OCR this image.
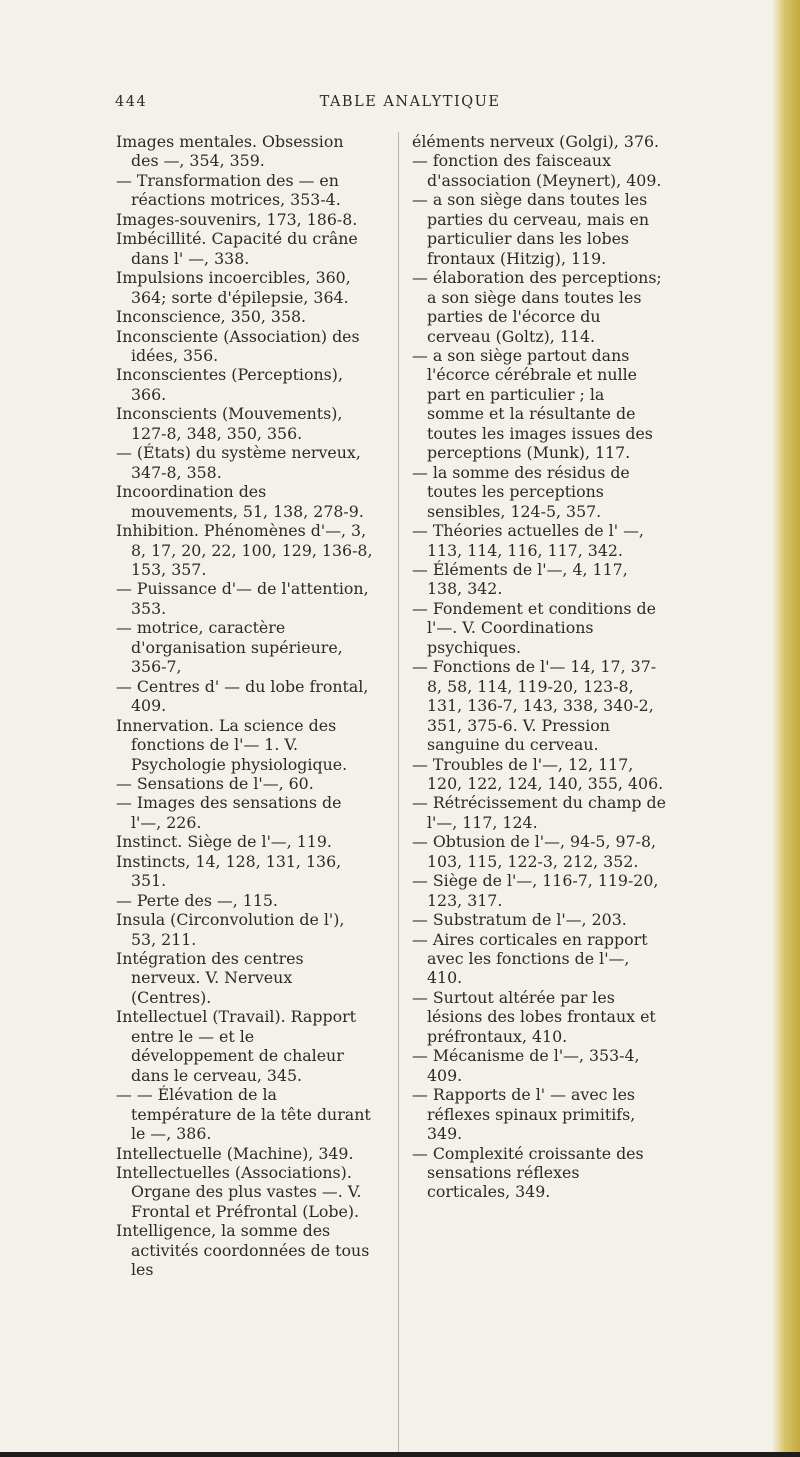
444	TABLE ANALYTIQUE

Images mentales. Obsession des —, 354, 359.

— Transformation des — en réactions motrices, 353-4.

Images-souvenirs, 173, 186-8.

Imbécillité. Capacité du crâne dans l' —, 338.

Impulsions incoercibles, 360, 364; sorte d'épilepsie, 364.

Inconscience, 350, 358.

Inconsciente (Association) des idées, 356.

Inconscientes (Perceptions), 366.

Inconscients (Mouvements), 127-8, 348, 350, 356.

— (États) du système nerveux, 347-8, 358.

Incoordination des mouvements, 51, 138, 278-9.

Inhibition. Phénomènes d'—, 3, 8, 17, 20, 22, 100, 129, 136-8, 153, 357.

— Puissance d'— de l'attention, 353.

— motrice, caractère d'organisation supérieure, 356-7,

— Centres d' — du lobe frontal, 409.

Innervation. La science des fonctions de l'— 1. V. Psychologie physiologique.

— Sensations de l'—, 60.

— Images des sensations de l'—, 226.

Instinct. Siège de l'—, 119.

Instincts, 14, 128, 131, 136, 351.

— Perte des —, 115.

Insula (Circonvolution de l'), 53, 211.

Intégration des centres nerveux. V. Nerveux (Centres).

Intellectuel (Travail). Rapport entre le — et le développement de chaleur dans le cerveau, 345.

— — Élévation de la température de la tête durant le —, 386.

Intellectuelle (Machine), 349.

Intellectuelles (Associations). Organe des plus vastes —. V. Frontal et Préfrontal (Lobe).

Intelligence, la somme des activités coordonnées de tous les

éléments nerveux (Golgi), 376.

— fonction des faisceaux d'association (Meynert), 409.

— a son siège dans toutes les parties du cerveau, mais en particulier dans les lobes frontaux (Hitzig), 119.

— élaboration des perceptions; a son siège dans toutes les parties de l'écorce du cerveau (Goltz), 114.

— a son siège partout dans l'écorce cérébrale et nulle part en particulier ; la somme et la résultante de toutes les images issues des perceptions (Munk), 117.

— la somme des résidus de toutes les perceptions sensibles, 124-5, 357.

— Théories actuelles de l' —, 113, 114, 116, 117, 342.

— Éléments de l'—, 4, 117, 138, 342.

— Fondement et conditions de l'—. V. Coordinations psychiques.

— Fonctions de l'— 14, 17, 37-8, 58, 114, 119-20, 123-8, 131, 136-7, 143, 338, 340-2, 351, 375-6. V. Pression sanguine du cerveau.

— Troubles de l'—, 12, 117, 120, 122, 124, 140, 355, 406.

— Rétrécissement du champ de l'—, 117, 124.

— Obtusion de l'—, 94-5, 97-8, 103, 115, 122-3, 212, 352.

— Siège de l'—, 116-7, 119-20, 123, 317.

— Substratum de l'—, 203.

— Aires corticales en rapport avec les fonctions de l'—, 410.

— Surtout altérée par les lésions des lobes frontaux et préfrontaux, 410.

— Mécanisme de l'—, 353-4, 409.

— Rapports de l' — avec les réflexes spinaux primitifs, 349.

— Complexité croissante des sensations réflexes corticales, 349.
